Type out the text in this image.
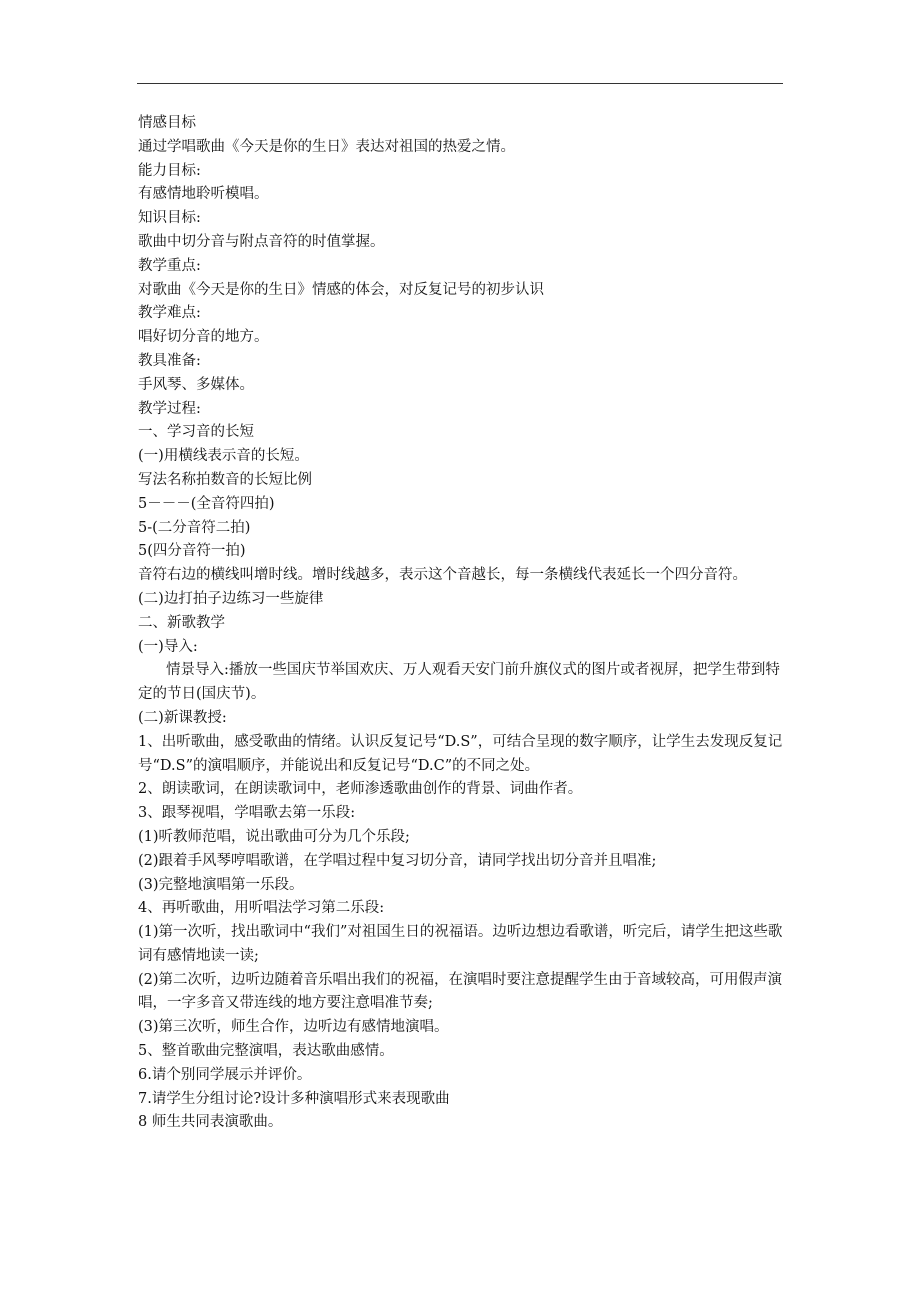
情感目标
通过学唱歌曲《今天是你的生日》表达对祖国的热爱之情。
能力目标:
有感情地聆听模唱。
知识目标:
歌曲中切分音与附点音符的时值掌握。
教学重点:
对歌曲《今天是你的生日》情感的体会，对反复记号的初步认识
教学难点:
唱好切分音的地方。
教具准备:
手风琴、多媒体。
教学过程:
一、学习音的长短
(一)用横线表示音的长短。
写法名称拍数音的长短比例
5－－－(全音符四拍)
5-(二分音符二拍)
5(四分音符一拍)
音符右边的横线叫增时线。增时线越多，表示这个音越长，每一条横线代表延长一个四分音符。
(二)边打拍子边练习一些旋律
二、新歌教学
(一)导入:
情景导入:播放一些国庆节举国欢庆、万人观看天安门前升旗仪式的图片或者视屏，把学生带到特定的节日(国庆节)。
(二)新课教授:
1、出听歌曲，感受歌曲的情绪。认识反复记号“D.S”，可结合呈现的数字顺序，让学生去发现反复记号“D.S”的演唱顺序，并能说出和反复记号“D.C”的不同之处。
2、朗读歌词，在朗读歌词中，老师渗透歌曲创作的背景、词曲作者。
3、跟琴视唱，学唱歌去第一乐段:
(1)听教师范唱，说出歌曲可分为几个乐段;
(2)跟着手风琴哼唱歌谱，在学唱过程中复习切分音，请同学找出切分音并且唱准;
(3)完整地演唱第一乐段。
4、再听歌曲，用听唱法学习第二乐段:
(1)第一次听，找出歌词中“我们”对祖国生日的祝福语。边听边想边看歌谱，听完后，请学生把这些歌词有感情地读一读;
(2)第二次听，边听边随着音乐唱出我们的祝福，在演唱时要注意提醒学生由于音域较高，可用假声演唱，一字多音又带连线的地方要注意唱准节奏;
(3)第三次听，师生合作，边听边有感情地演唱。
5、整首歌曲完整演唱，表达歌曲感情。
6.请个别同学展示并评价。
7.请学生分组讨论?设计多种演唱形式来表现歌曲
8 师生共同表演歌曲。
